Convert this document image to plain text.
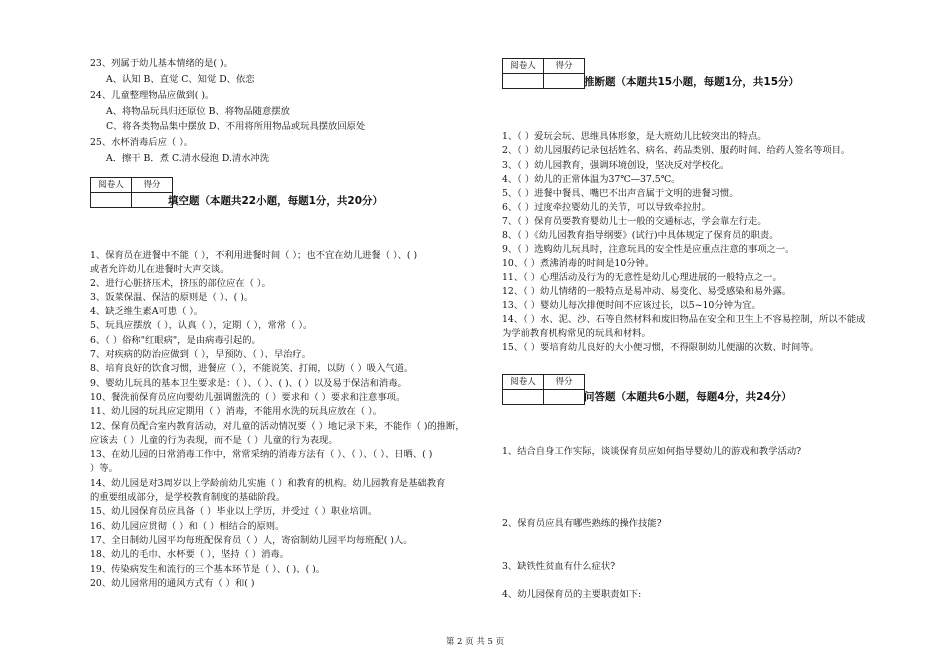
23、列属于幼儿基本情绪的是( )。
A、认知 B、直觉 C、知觉 D、依恋
24、儿童整理物品应做到( )。
A、将物品玩具归还原位 B、将物品随意摆放
C、将各类物品集中摆放 D、不用将所用物品或玩具摆放回原处
25、水杯消毒后应（ ）。
A．擦干 B．煮 C.清水侵泡 D.清水冲洗
阅卷人	得分

填空题（本题共22小题，每题1分，共20分）
1、保育员在进餐中不能（ ），不利用进餐时间（ ）；也不宜在幼儿进餐（ ）、( )
或者允许幼儿在进餐时大声交谈。
2、进行心脏挤压术，挤压的部位应在（ ）。
3、饭菜保温、保洁的原则是（ ）、( )。
4、缺乏维生素A可患（ ）。
5、玩具应摆放（ ），认真（ ），定期（ ），常常（ ）。
6、（ ）俗称"红眼病"，是由病毒引起的。
7、对疾病的防治应做到（ ），早预防、（ ）、早治疗。
8、培育良好的饮食习惯，进餐应（ ），不能说笑、打闹，以防（ ）吸入气道。
9、婴幼儿玩具的基本卫生要求是：（ ）、（ ）、( )、( ）以及易于保洁和消毒。
10、餐洗前保育员应向婴幼儿强调盥洗的（ ）要求和（ ）要求和注意事项。
11、幼儿园的玩具应定期用（ ）消毒，不能用水洗的玩具应放在（ ）。
12、保育员配合室内教育活动，对儿童的活动情况要（ ）地记录下来，不能作（ )的推断，
应该去（ ）儿童的行为表现，而不是（ ）儿童的行为表现。
13、在幼儿园的日常消毒工作中，常常采纳的消毒方法有（ ）、（ ）、（ ）、日晒、( )
）等。
14、幼儿园是对3周岁以上学龄前幼儿实施（ ）和教育的机构。幼儿园教育是基础教育
的重要组成部分，是学校教育制度的基础阶段。
15、幼儿园保育员应具备（ ）毕业以上学历，并受过（ ）职业培训。
16、幼儿园应贯彻（ ）和（ ）相结合的原则。
17、全日制幼儿园平均每班配保育员（ ）人，寄宿制幼儿园平均每班配( )人。
18、幼儿的毛巾、水杯要（ ），坚持（ ）消毒。
19、传染病发生和流行的三个基本环节是（ ）、( )、( )。
20、幼儿园常用的通风方式有（ ）和( )
阅卷人	得分

推断题（本题共15小题，每题1分，共15分）
1、（ ）爱玩会玩、思维具体形象，是大班幼儿比较突出的特点。
2、（ ）幼儿园服药记录包括姓名、病名、药品类别、服药时间、给药人签名等项目。
3、（ ）幼儿园教育，强调环境创设，坚决反对学校化。
4、（ ）幼儿的正常体温为37℃—37.5℃。
5、（ ）进餐中餐具、嘴巴不出声音属于文明的进餐习惯。
6、（ ）过度牵拉婴幼儿的关节，可以导致牵拉肘。
7、（ ）保育员要教育婴幼儿士一般的交通标志，学会靠左行走。
8、（ ）《幼儿园教育指导纲要》(试行)中具体规定了保育员的职责。
9、（ ）选购幼儿玩具时，注意玩具的安全性是应重点注意的事项之一。
10、（ ）煮沸消毒的时间是10分钟。
11、（ ）心理活动及行为的无意性是幼儿心理进展的一般特点之一。
12、（ ）幼儿情绪的一般特点是易冲动、易变化、易受感染和易外露。
13、（ ）婴幼儿每次排便时间不应该过长，以5~10分钟为宜。
14、（ ）水、泥、沙、石等自然材料和废旧物品在安全和卫生上不容易控制，所以不能成
为学前教育机构常见的玩具和材料。
15、（ ）要培育幼儿良好的大小便习惯，不得限制幼儿便溺的次数、时间等。
阅卷人	得分

问答题（本题共6小题，每题4分，共24分）
1、结合自身工作实际，谈谈保育员应如何指导婴幼儿的游戏和教学活动?
2、保育员应具有哪些熟练的操作技能?
3、缺铁性贫血有什么症状?
4、幼儿园保育员的主要职责如下:
第 2 页 共 5 页
